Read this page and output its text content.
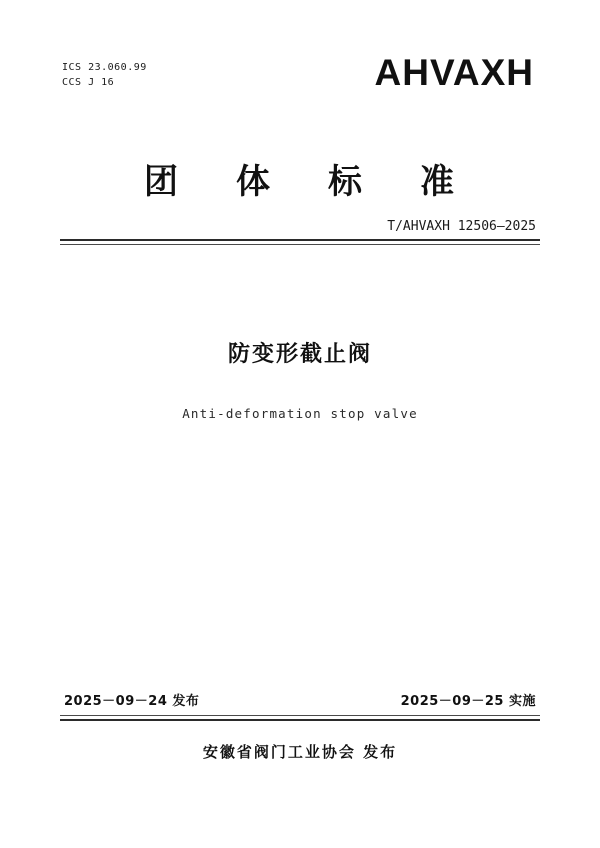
ICS 23.060.99
CCS J 16	AHVAXH
团 体 标 准
T/AHVAXH 12506—2025
防变形截止阀
Anti-deformation stop valve
2025－09－24 发布	2025－09－25 实施
安徽省阀门工业协会 发布
